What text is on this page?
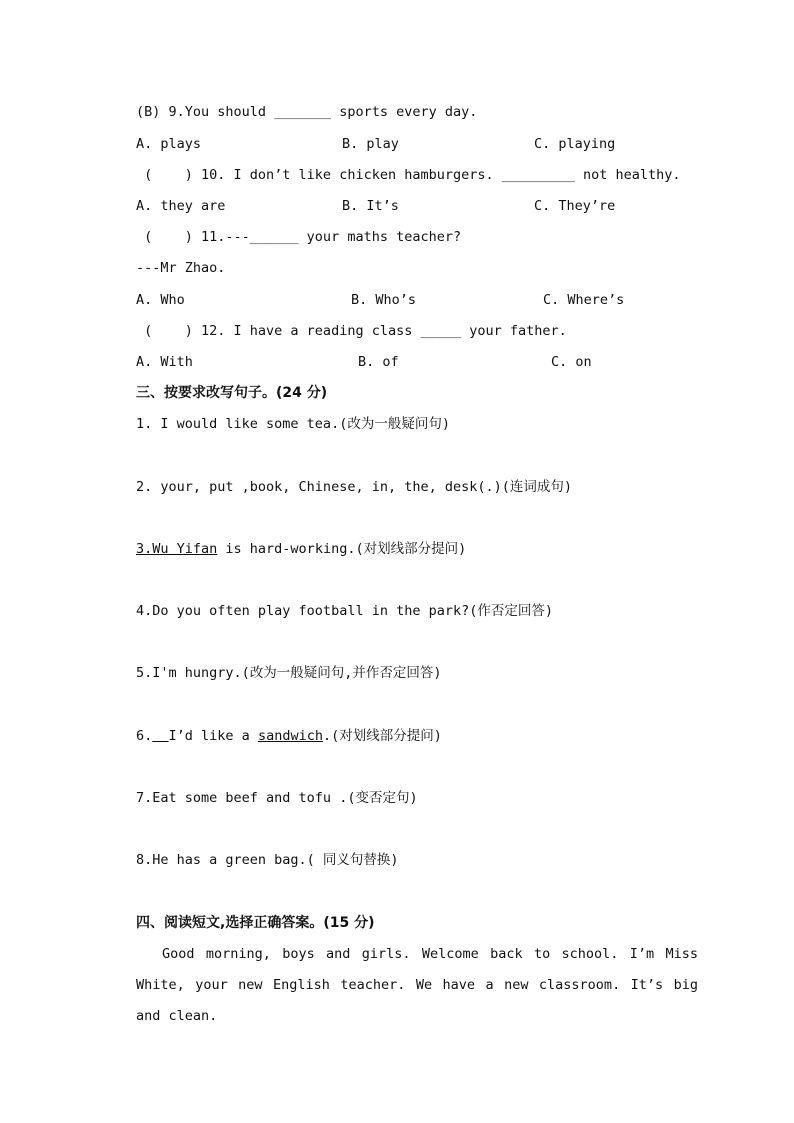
(B) 9.You should _______ sports every day.
A. plays	B. play	C. playing
(    ) 10. I don’t like chicken hamburgers. _________ not healthy.
A. they are	B. It’s	C. They’re
(    ) 11.---______ your maths teacher?
---Mr Zhao.
A. Who	B. Who’s	C. Where’s
(    ) 12. I have a reading class _____ your father.
A. With	B. of	C. on
三、按要求改写句子。(24 分)
1. I would like some tea.(改为一般疑问句)
2. your, put ,book, Chinese, in, the, desk(.)(连词成句)
3.Wu Yifan is hard-working.(对划线部分提问)
4.Do you often play football in the park?(作否定回答)
5.I'm hungry.(改为一般疑问句,并作否定回答)
6. I’d like a sandwich.(对划线部分提问)
7.Eat some beef and tofu .(变否定句)
8.He has a green bag.( 同义句替换)
四、阅读短文,选择正确答案。(15 分)
Good morning, boys and girls. Welcome back to school. I’m Miss White, your new English teacher. We have a new classroom. It’s big and clean.
